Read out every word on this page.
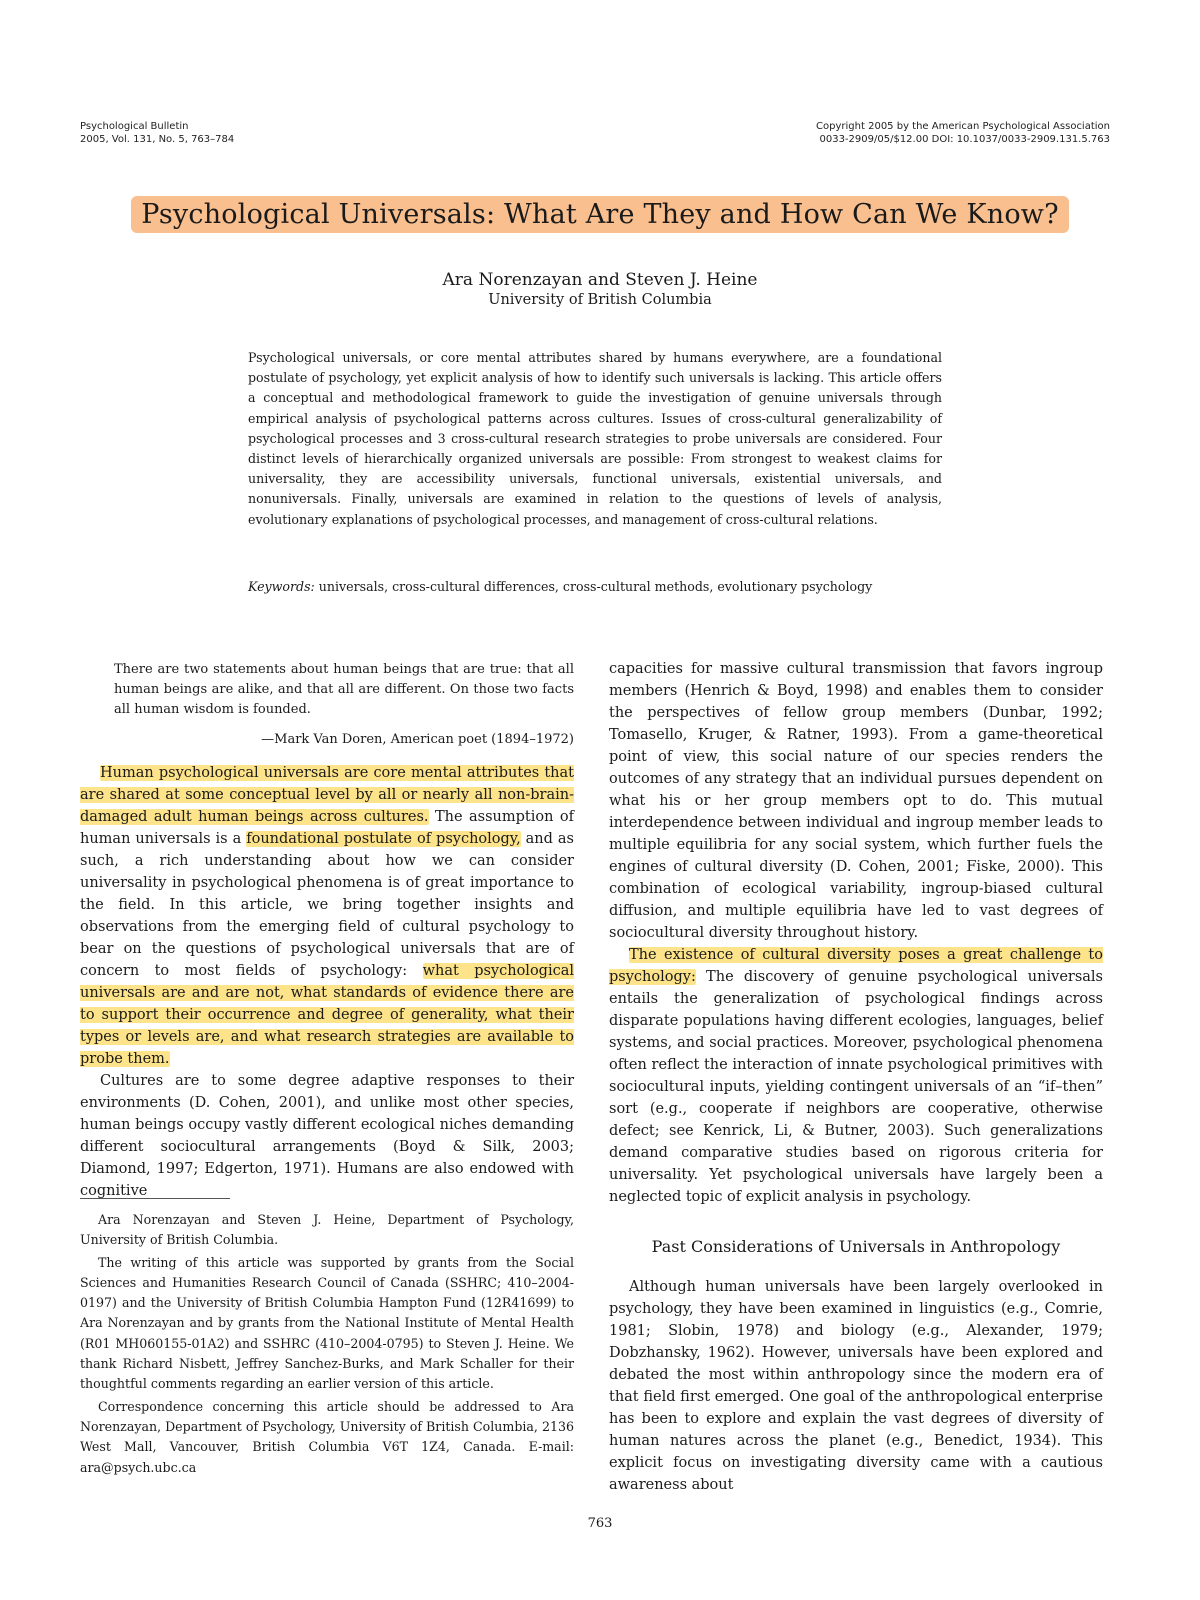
Psychological Bulletin
2005, Vol. 131, No. 5, 763–784
Copyright 2005 by the American Psychological Association
0033-2909/05/$12.00 DOI: 10.1037/0033-2909.131.5.763
Psychological Universals: What Are They and How Can We Know?
Ara Norenzayan and Steven J. Heine
University of British Columbia

Psychological universals, or core mental attributes shared by humans everywhere, are a foundational postulate of psychology, yet explicit analysis of how to identify such universals is lacking. This article offers a conceptual and methodological framework to guide the investigation of genuine universals through empirical analysis of psychological patterns across cultures. Issues of cross-cultural generalizability of psychological processes and 3 cross-cultural research strategies to probe universals are considered. Four distinct levels of hierarchically organized universals are possible: From strongest to weakest claims for universality, they are accessibility universals, functional universals, existential universals, and nonuniversals. Finally, universals are examined in relation to the questions of levels of analysis, evolutionary explanations of psychological processes, and management of cross-cultural relations.

Keywords: universals, cross-cultural differences, cross-cultural methods, evolutionary psychology

There are two statements about human beings that are true: that all human beings are alike, and that all are different. On those two facts all human wisdom is founded.

—Mark Van Doren, American poet (1894–1972)

Human psychological universals are core mental attributes that are shared at some conceptual level by all or nearly all non-brain-damaged adult human beings across cultures. The assumption of human universals is a foundational postulate of psychology, and as such, a rich understanding about how we can consider universality in psychological phenomena is of great importance to the field. In this article, we bring together insights and observations from the emerging field of cultural psychology to bear on the questions of psychological universals that are of concern to most fields of psychology: what psychological universals are and are not, what standards of evidence there are to support their occurrence and degree of generality, what their types or levels are, and what research strategies are available to probe them.

Cultures are to some degree adaptive responses to their environments (D. Cohen, 2001), and unlike most other species, human beings occupy vastly different ecological niches demanding different sociocultural arrangements (Boyd & Silk, 2003; Diamond, 1997; Edgerton, 1971). Humans are also endowed with cognitive

Ara Norenzayan and Steven J. Heine, Department of Psychology, University of British Columbia.

The writing of this article was supported by grants from the Social Sciences and Humanities Research Council of Canada (SSHRC; 410–2004-0197) and the University of British Columbia Hampton Fund (12R41699) to Ara Norenzayan and by grants from the National Institute of Mental Health (R01 MH060155-01A2) and SSHRC (410–2004-0795) to Steven J. Heine. We thank Richard Nisbett, Jeffrey Sanchez-Burks, and Mark Schaller for their thoughtful comments regarding an earlier version of this article.

Correspondence concerning this article should be addressed to Ara Norenzayan, Department of Psychology, University of British Columbia, 2136 West Mall, Vancouver, British Columbia V6T 1Z4, Canada. E-mail: ara@psych.ubc.ca

capacities for massive cultural transmission that favors ingroup members (Henrich & Boyd, 1998) and enables them to consider the perspectives of fellow group members (Dunbar, 1992; Tomasello, Kruger, & Ratner, 1993). From a game-theoretical point of view, this social nature of our species renders the outcomes of any strategy that an individual pursues dependent on what his or her group members opt to do. This mutual interdependence between individual and ingroup member leads to multiple equilibria for any social system, which further fuels the engines of cultural diversity (D. Cohen, 2001; Fiske, 2000). This combination of ecological variability, ingroup-biased cultural diffusion, and multiple equilibria have led to vast degrees of sociocultural diversity throughout history.

The existence of cultural diversity poses a great challenge to psychology: The discovery of genuine psychological universals entails the generalization of psychological findings across disparate populations having different ecologies, languages, belief systems, and social practices. Moreover, psychological phenomena often reflect the interaction of innate psychological primitives with sociocultural inputs, yielding contingent universals of an “if–then” sort (e.g., cooperate if neighbors are cooperative, otherwise defect; see Kenrick, Li, & Butner, 2003). Such generalizations demand comparative studies based on rigorous criteria for universality. Yet psychological universals have largely been a neglected topic of explicit analysis in psychology.

Past Considerations of Universals in Anthropology

Although human universals have been largely overlooked in psychology, they have been examined in linguistics (e.g., Comrie, 1981; Slobin, 1978) and biology (e.g., Alexander, 1979; Dobzhansky, 1962). However, universals have been explored and debated the most within anthropology since the modern era of that field first emerged. One goal of the anthropological enterprise has been to explore and explain the vast degrees of diversity of human natures across the planet (e.g., Benedict, 1934). This explicit focus on investigating diversity came with a cautious awareness about

763
